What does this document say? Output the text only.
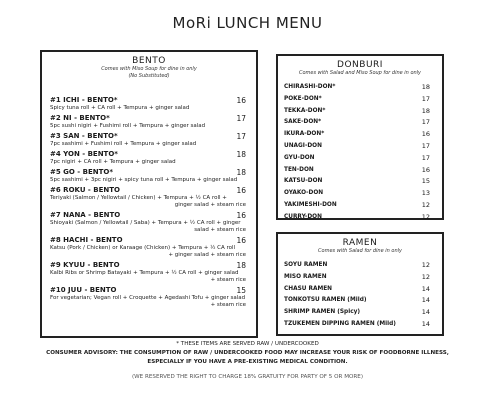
MoRi LUNCH MENU
BENTO
Comes with Miso Soup for dine in only
(No Substituted)
#1 ICHI - BENTO*	16
Spicy tuna roll + CA roll + Tempura + ginger salad
#2 NI - BENTO*	17
5pc sushi nigiri + Fushimi roll + Tempura + ginger salad
#3 SAN - BENTO*	17
7pc sashimi + Fushimi roll + Tempura + ginger salad
#4 YON - BENTO*	18
7pc nigiri + CA roll + Tempura + ginger salad
#5 GO - BENTO*	18
5pc sashimi + 3pc nigiri + spicy tuna roll + Tempura + ginger salad
#6 ROKU - BENTO	16
Teriyaki (Salmon / Yellowtail / Chicken) + Tempura + ½ CA roll +
ginger salad + steam rice
#7 NANA - BENTO	16
Shioyaki (Salmon / Yellowtail / Saba) + Tempura + ½ CA roll + ginger
salad + steam rice
#8 HACHI - BENTO	16
Katsu (Pork / Chicken) or Karaage (Chicken) + Tempura + ½ CA roll
+ ginger salad + steam rice
#9 KYUU - BENTO	18
Kalbi Ribs or Shrimp Batayaki + Tempura + ½ CA roll + ginger salad
+ steam rice
#10 JUU - BENTO	15
For vegetarian; Vegan roll + Croquette + Agedashi Tofu + ginger salad
+ steam rice
DONBURI
Comes with Salad and Miso Soup for dine in only
CHIRASHI-DON*	18
POKE-DON*	17
TEKKA-DON*	18
SAKE-DON*	17
IKURA-DON*	16
UNAGI-DON	17
GYU-DON	17
TEN-DON	16
KATSU-DON	15
OYAKO-DON	13
YAKIMESHI-DON	12
CURRY-DON	12
RAMEN
Comes with Salad for dine in only
SOYU RAMEN	12
MISO RAMEN	12
CHASU RAMEN	14
TONKOTSU RAMEN (Mild)	14
SHRIMP RAMEN (Spicy)	14
TZUKEMEN DIPPING RAMEN (Mild)	14
* THESE ITEMS ARE SERVED RAW / UNDERCOOKED
CONSUMER ADVISORY: THE CONSUMPTION OF RAW / UNDERCOOKED FOOD MAY INCREASE YOUR RISK OF FOODBORNE ILLNESS,
ESPECIALLY IF YOU HAVE A PRE-EXISTING MEDICAL CONDITION.
(WE RESERVED THE RIGHT TO CHARGE 18% GRATUITY FOR PARTY OF 5 OR MORE)
